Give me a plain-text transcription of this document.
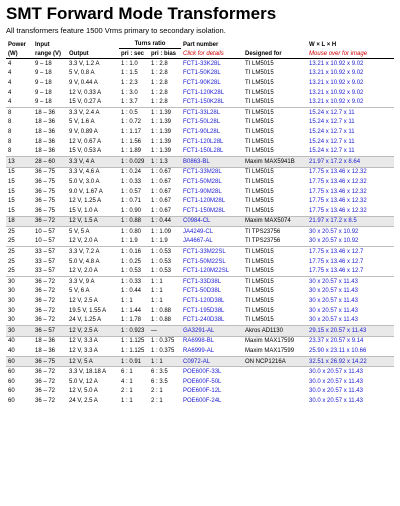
SMT Forward Mode Transformers
All transformers feature 1500 Vrms primary to secondary isolation.
Power	Input		Turns ratio		Part number		W × L × H
(W)	range (V)	Output	pri : sec	pri : bias	Click for details	Designed for	Mouse over for image
4	9 – 18	3.3 V, 1.2 A	1 : 1.0	1 : 2.8	FCT1-33K28L	TI LM5015	13.21 x 10.92 x 9.02
4	9 – 18	5 V, 0.8 A	1 : 1.5	1 : 2.8	FCT1-50K28L	TI LM5015	13.21 x 10.92 x 9.02
4	9 – 18	9 V, 0.44 A	1 : 2.3	1 : 2.8	FCT1-90K28L	TI LM5015	13.21 x 10.92 x 9.02
4	9 – 18	12 V, 0.33 A	1 : 3.0	1 : 2.8	FCT1-120K28L	TI LM5015	13.21 x 10.92 x 9.02
4	9 – 18	15 V, 0.27 A	1 : 3.7	1 : 2.8	FCT1-150K28L	TI LM5015	13.21 x 10.92 x 9.02
8	18 – 36	3.3 V, 2.4 A	1 : 0.5	1 : 1.39	FCT1-33L28L	TI LM5015	15.24 x 12.7 x 11
8	18 – 36	5 V, 1.6 A	1 : 0.72	1 : 1.39	FCT1-50L28L	TI LM5015	15.24 x 12.7 x 11
8	18 – 36	9 V, 0.89 A	1 : 1.17	1 : 1.39	FCT1-90L28L	TI LM5015	15.24 x 12.7 x 11
8	18 – 36	12 V, 0.67 A	1 : 1.56	1 : 1.39	FCT1-120L28L	TI LM5015	15.24 x 12.7 x 11
8	18 – 36	15 V, 0.53 A	1 : 1.89	1 : 1.39	FCT1-150L28L	TI LM5015	15.24 x 12.7 x 11
13	28 – 60	3.3 V, 4 A	1 : 0.029	1 : 1.3	B0863-BL	Maxim MAX5941B	21.97 x 17.2 x 8.64
15	36 – 75	3.3 V, 4.6 A	1 : 0.24	1 : 0.67	FCT1-33M28L	TI LM5015	17.75 x 13.46 x 12.32
15	36 – 75	5.0 V, 3.0 A	1 : 0.33	1 : 0.67	FCT1-50M28L	TI LM5015	17.75 x 13.46 x 12.32
15	36 – 75	9.0 V, 1.67 A	1 : 0.57	1 : 0.67	FCT1-90M28L	TI LM5015	17.75 x 13.46 x 12.32
15	36 – 75	12 V, 1.25 A	1 : 0.71	1 : 0.67	FCT1-120M28L	TI LM5015	17.75 x 13.46 x 12.32
15	36 – 75	15 V, 1.0 A	1 : 0.90	1 : 0.67	FCT1-150M28L	TI LM5015	17.75 x 13.46 x 12.32
18	36 – 72	12 V, 1.5 A	1 : 0.88	1 : 0.44	C0984-CL	Maxim MAX5074	21.97 x 17.2 x 8.5
25	10 – 57	5 V, 5 A	1 : 0.80	1 : 1.09	JA4249-CL	TI TPS23756	30 x 20.57 x 10.92
25	10 – 57	12 V, 2.0 A	1 : 1.9	1 : 1.9	JA4667-AL	TI TPS23756	30 x 20.57 x 10.92
25	33 – 57	3.3 V, 7.2 A	1 : 0.16	1 : 0.53	FCT1-33M22SL	TI LM5015	17.75 x 13.46 x 12.7
25	33 – 57	5.0 V, 4.8 A	1 : 0.25	1 : 0.53	FCT1-50M22SL	TI LM5015	17.75 x 13.46 x 12.7
25	33 – 57	12 V, 2.0 A	1 : 0.53	1 : 0.53	FCT1-120M22SL	TI LM5015	17.75 x 13.46 x 12.7
30	36 – 72	3.3 V, 9 A	1 : 0.33	1 : 1	FCT1-33D38L	TI LM5015	30 x 20.57 x 11.43
30	36 – 72	5 V, 6 A	1 : 0.44	1 : 1	FCT1-50D38L	TI LM5015	30 x 20.57 x 11.43
30	36 – 72	12 V, 2.5 A	1 : 1	1 : 1	FCT1-120D38L	TI LM5015	30 x 20.57 x 11.43
30	36 – 72	19.5 V, 1.55 A	1 : 1.44	1 : 0.88	FCT1-195D38L	TI LM5015	30 x 20.57 x 11.43
30	36 – 72	24 V, 1.25 A	1 : 1.78	1 : 0.88	FCT1-240D38L	TI LM5015	30 x 20.57 x 11.43
30	36 – 57	12 V, 2.5 A	1 : 0.923	—	GA3291-AL	Akros AD1130	29.15 x 20.57 x 11.43
40	18 – 36	12 V, 3.3 A	1 : 1.125	1 : 0.375	RA6998-BL	Maxim MAX17599	23.37 x 20.57 x 9.14
40	18 – 36	12 V, 3.3 A	1 : 1.125	1 : 0.375	RA6999-AL	Maxim MAX17599	25.90 x 23.11 x 10.66
60	36 – 75	12 V, 5 A	1 : 0.91	1 : 1	C0972-AL	ON NCP1216A	32.51 x 26.92 x 14.22
60	36 – 72	3.3 V, 18.18 A	6 : 1	6 : 3.5	POE600F-33L		30.0 x 20.57 x 11.43
60	36 – 72	5.0 V, 12 A	4 : 1	6 : 3.5	POE600F-50L		30.0 x 20.57 x 11.43
60	36 – 72	12 V, 5.0 A	2 : 1	2 : 1	POE600F-12L		30.0 x 20.57 x 11.43
60	36 – 72	24 V, 2.5 A	1 : 1	2 : 1	POE600F-24L		30.0 x 20.57 x 11.43
